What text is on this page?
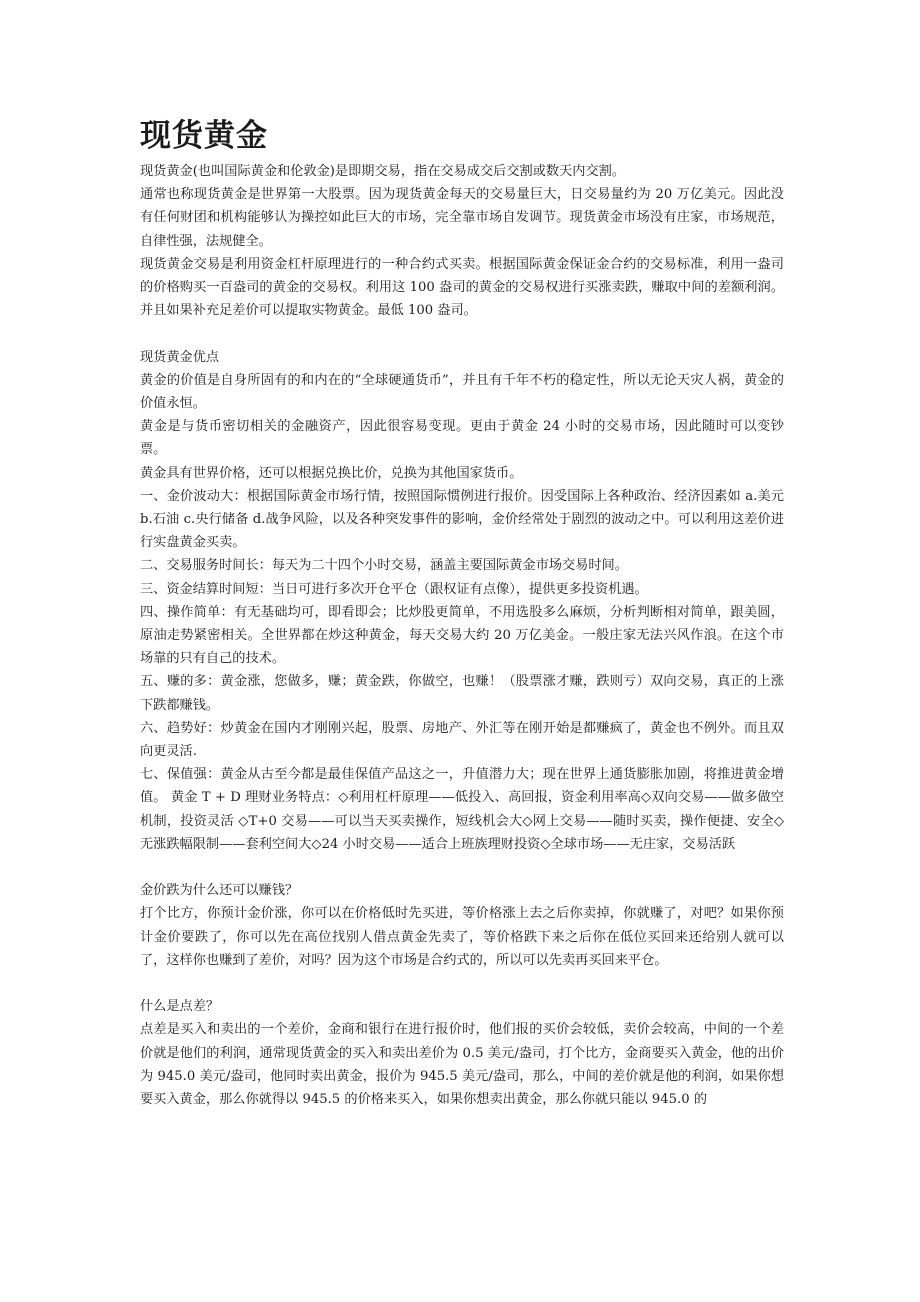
现货黄金

现货黄金(也叫国际黄金和伦敦金)是即期交易，指在交易成交后交割或数天内交割。

通常也称现货黄金是世界第一大股票。因为现货黄金每天的交易量巨大，日交易量约为 20 万亿美元。因此没有任何财团和机构能够认为操控如此巨大的市场，完全靠市场自发调节。现货黄金市场没有庄家，市场规范，自律性强，法规健全。

现货黄金交易是利用资金杠杆原理进行的一种合约式买卖。根据国际黄金保证金合约的交易标准，利用一盎司的价格购买一百盎司的黄金的交易权。利用这 100 盎司的黄金的交易权进行买涨卖跌，赚取中间的差额利润。并且如果补充足差价可以提取实物黄金。最低 100 盎司。

现货黄金优点

黄金的价值是自身所固有的和内在的“全球硬通货币”，并且有千年不朽的稳定性，所以无论天灾人祸，黄金的价值永恒。

黄金是与货币密切相关的金融资产，因此很容易变现。更由于黄金 24 小时的交易市场，因此随时可以变钞票。

黄金具有世界价格，还可以根据兑换比价，兑换为其他国家货币。

一、金价波动大：根据国际黄金市场行情，按照国际惯例进行报价。因受国际上各种政治、经济因素如 a.美元 b.石油 c.央行储备 d.战争风险，以及各种突发事件的影响，金价经常处于剧烈的波动之中。可以利用这差价进行实盘黄金买卖。

二、交易服务时间长：每天为二十四个小时交易，涵盖主要国际黄金市场交易时间。

三、资金结算时间短：当日可进行多次开仓平仓（跟权证有点像），提供更多投资机遇。

四、操作简单：有无基础均可，即看即会；比炒股更简单，不用选股多么麻烦，分析判断相对简单，跟美圆，原油走势紧密相关。全世界都在炒这种黄金，每天交易大约 20 万亿美金。一般庄家无法兴风作浪。在这个市场靠的只有自己的技术。

五、赚的多：黄金涨，您做多，赚；黄金跌，你做空，也赚！（股票涨才赚，跌则亏）双向交易，真正的上涨下跌都赚钱。

六、趋势好：炒黄金在国内才刚刚兴起，股票、房地产、外汇等在刚开始是都赚疯了，黄金也不例外。而且双向更灵活.

七、保值强：黄金从古至今都是最佳保值产品这之一，升值潜力大；现在世界上通货膨胀加剧，将推进黄金增值。 黄金 T + D 理财业务特点：◇利用杠杆原理——低投入、高回报，资金利用率高◇双向交易——做多做空机制，投资灵活 ◇T+0 交易——可以当天买卖操作，短线机会大◇网上交易——随时买卖，操作便捷、安全◇无涨跌幅限制——套利空间大◇24 小时交易——适合上班族理财投资◇全球市场——无庄家，交易活跃

金价跌为什么还可以赚钱？

打个比方，你预计金价涨，你可以在价格低时先买进，等价格涨上去之后你卖掉，你就赚了，对吧？如果你预计金价要跌了，你可以先在高位找别人借点黄金先卖了，等价格跌下来之后你在低位买回来还给别人就可以了，这样你也赚到了差价，对吗？因为这个市场是合约式的，所以可以先卖再买回来平仓。

什么是点差？

点差是买入和卖出的一个差价，金商和银行在进行报价时，他们报的买价会较低，卖价会较高，中间的一个差价就是他们的利润，通常现货黄金的买入和卖出差价为 0.5 美元/盎司，打个比方，金商要买入黄金，他的出价为 945.0 美元/盎司，他同时卖出黄金，报价为 945.5 美元/盎司，那么，中间的差价就是他的利润，如果你想要买入黄金，那么你就得以 945.5 的价格来买入，如果你想卖出黄金，那么你就只能以 945.0 的
